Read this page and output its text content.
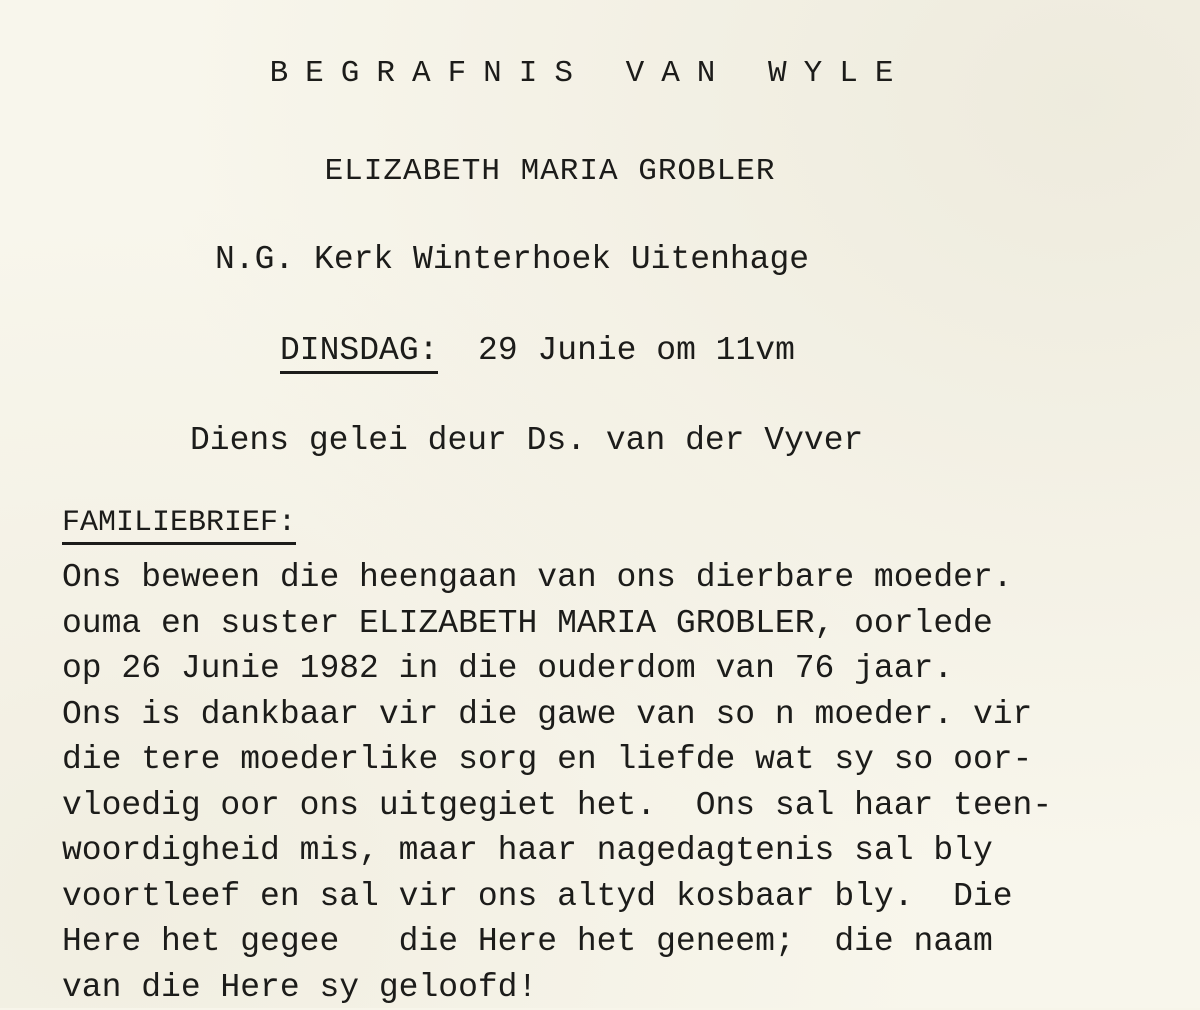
BEGRAFNIS VAN WYLE
ELIZABETH MARIA GROBLER
N.G. Kerk Winterhoek Uitenhage
DINSDAG: 29 Junie om 11vm
Diens gelei deur Ds. van der Vyver
FAMILIEBRIEF:
Ons beween die heengaan van ons dierbare moeder.
ouma en suster ELIZABETH MARIA GROBLER, oorlede
op 26 Junie 1982 in die ouderdom van 76 jaar.
Ons is dankbaar vir die gawe van so n moeder. vir
die tere moederlike sorg en liefde wat sy so oor-
vloedig oor ons uitgegiet het.  Ons sal haar teen-
woordigheid mis, maar haar nagedagtenis sal bly
voortleef en sal vir ons altyd kosbaar bly.  Die
Here het gegee   die Here het geneem;  die naam
van die Here sy geloofd!
